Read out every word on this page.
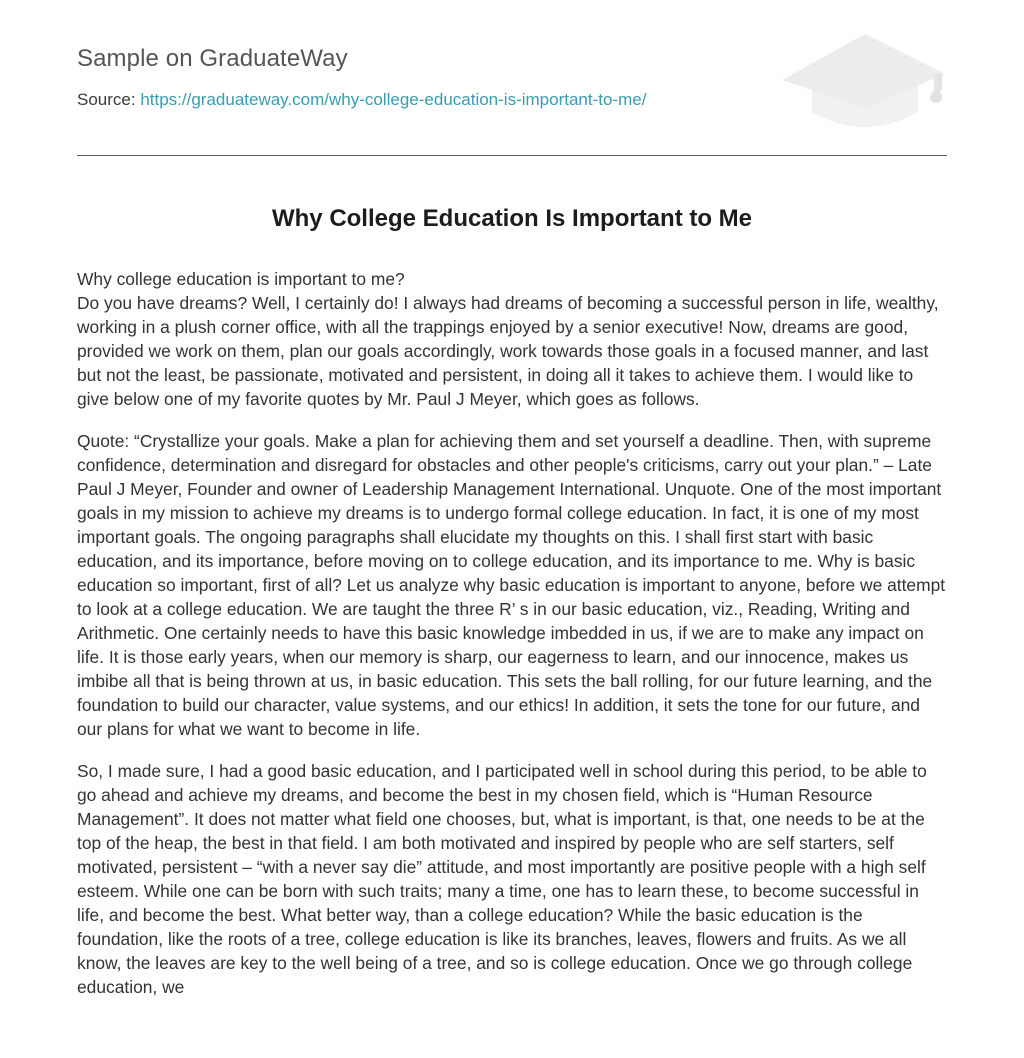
Sample on GraduateWay
Source: https://graduateway.com/why-college-education-is-important-to-me/
Why College Education Is Important to Me

Why college education is important to me?

Do you have dreams? Well, I certainly do! I always had dreams of becoming a successful person in life, wealthy, working in a plush corner office, with all the trappings enjoyed by a senior executive! Now, dreams are good, provided we work on them, plan our goals accordingly, work towards those goals in a focused manner, and last but not the least, be passionate, motivated and persistent, in doing all it takes to achieve them. I would like to give below one of my favorite quotes by Mr. Paul J Meyer, which goes as follows.

Quote: “Crystallize your goals. Make a plan for achieving them and set yourself a deadline. Then, with supreme confidence, determination and disregard for obstacles and other people's criticisms, carry out your plan.” – Late Paul J Meyer, Founder and owner of Leadership Management International. Unquote. One of the most important goals in my mission to achieve my dreams is to undergo formal college education. In fact, it is one of my most important goals. The ongoing paragraphs shall elucidate my thoughts on this. I shall first start with basic education, and its importance, before moving on to college education, and its importance to me. Why is basic education so important, first of all? Let us analyze why basic education is important to anyone, before we attempt to look at a college education. We are taught the three R’ s in our basic education, viz., Reading, Writing and Arithmetic. One certainly needs to have this basic knowledge imbedded in us, if we are to make any impact on life. It is those early years, when our memory is sharp, our eagerness to learn, and our innocence, makes us imbibe all that is being thrown at us, in basic education. This sets the ball rolling, for our future learning, and the foundation to build our character, value systems, and our ethics! In addition, it sets the tone for our future, and our plans for what we want to become in life.

So, I made sure, I had a good basic education, and I participated well in school during this period, to be able to go ahead and achieve my dreams, and become the best in my chosen field, which is “Human Resource Management”. It does not matter what field one chooses, but, what is important, is that, one needs to be at the top of the heap, the best in that field. I am both motivated and inspired by people who are self starters, self motivated, persistent – “with a never say die” attitude, and most importantly are positive people with a high self esteem. While one can be born with such traits; many a time, one has to learn these, to become successful in life, and become the best. What better way, than a college education? While the basic education is the foundation, like the roots of a tree, college education is like its branches, leaves, flowers and fruits. As we all know, the leaves are key to the well being of a tree, and so is college education. Once we go through college education, we
